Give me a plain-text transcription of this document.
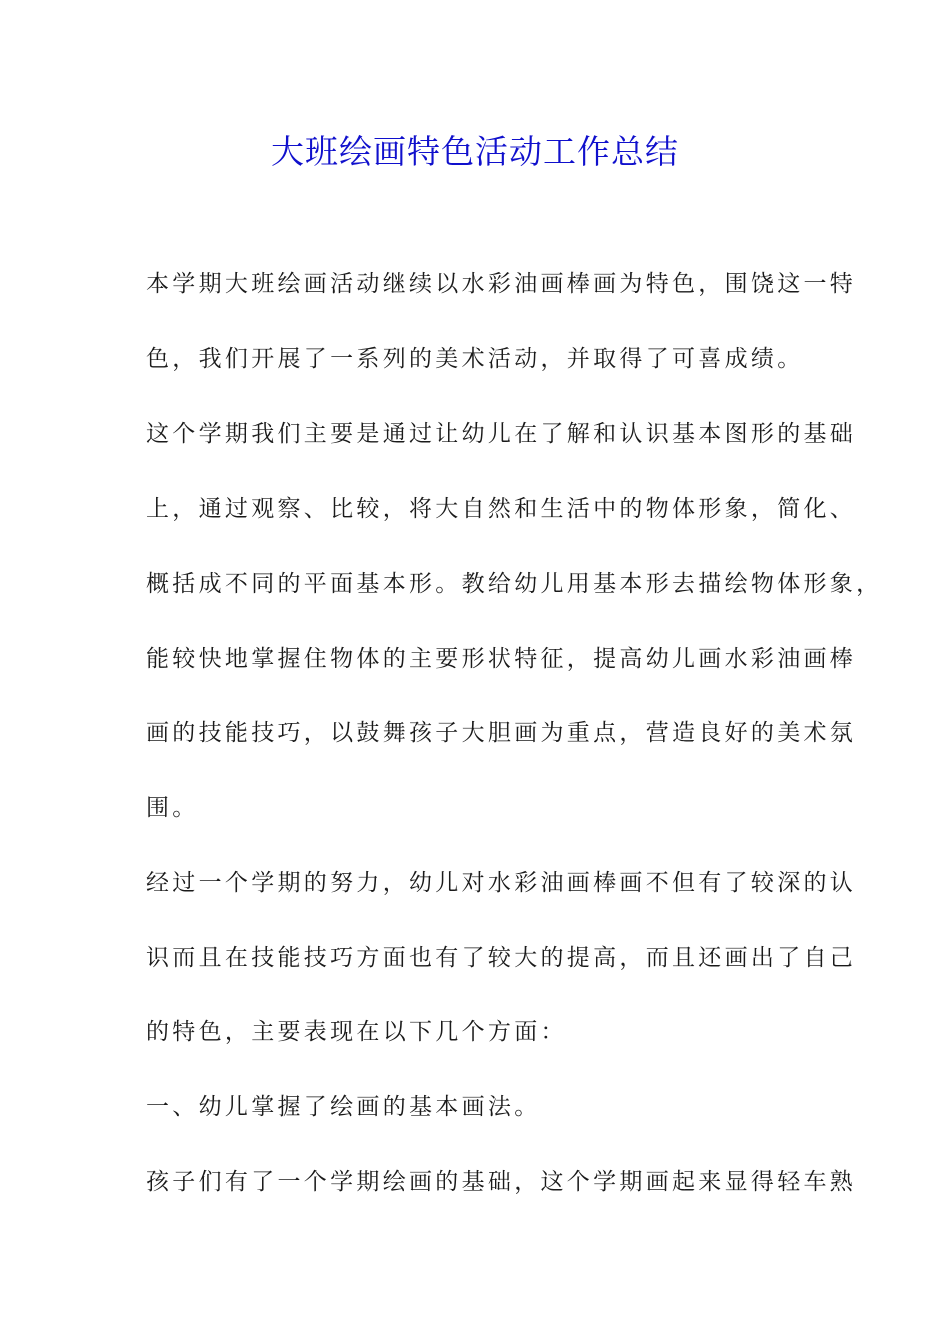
大班绘画特色活动工作总结

本学期大班绘画活动继续以水彩油画棒画为特色，围饶这一特

色，我们开展了一系列的美术活动，并取得了可喜成绩。

这个学期我们主要是通过让幼儿在了解和认识基本图形的基础

上，通过观察、比较，将大自然和生活中的物体形象，简化、

概括成不同的平面基本形。教给幼儿用基本形去描绘物体形象，

能较快地掌握住物体的主要形状特征，提高幼儿画水彩油画棒

画的技能技巧，以鼓舞孩子大胆画为重点，营造良好的美术氛

围。

经过一个学期的努力，幼儿对水彩油画棒画不但有了较深的认

识而且在技能技巧方面也有了较大的提高，而且还画出了自己

的特色，主要表现在以下几个方面：

一、幼儿掌握了绘画的基本画法。

孩子们有了一个学期绘画的基础，这个学期画起来显得轻车熟
